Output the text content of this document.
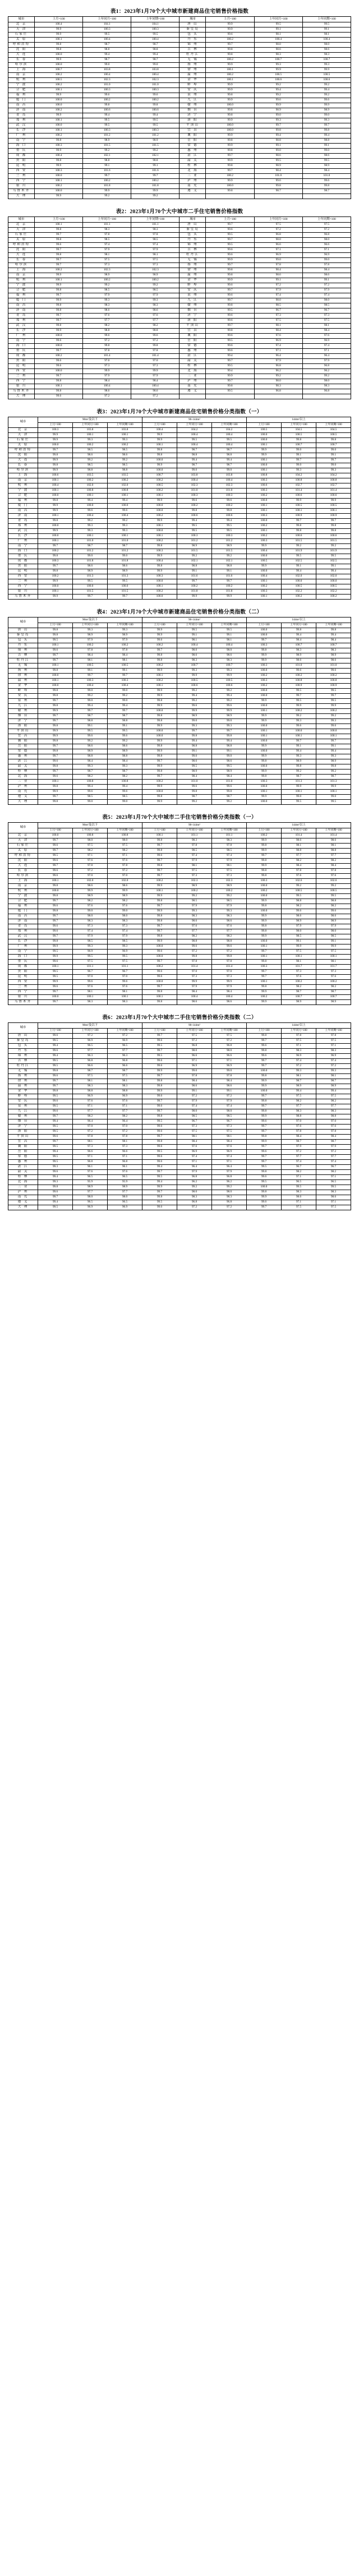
表1：2023年1月70个大中城市新建商品住宅销售价格指数
城市	上月=100	上年同月=100	上年同期=100	城市	上月=100	上年同月=100	上年同期=100

北 京	100.4	104.1	104.1	唐 山	99.9	99.5	99.5
天 津	99.9	100.3	100.3	秦皇岛	99.9	99.1	99.1
石家庄	99.9	99.5	99.5	包 头	99.6	98.1	98.1
太 原	100.1	100.4	100.4	丹 东	100.2	100.4	100.4
呼和浩特	99.8	98.7	98.7	锦 州	99.7	98.0	98.0
沈 阳	99.8	98.8	98.8	吉 林	99.8	98.6	98.6
大 连	100.0	99.4	99.4	牡丹江	99.8	98.3	98.3
长 春	99.9	98.7	98.7	无 锡	100.2	100.7	100.7
哈尔滨	100.0	99.0	99.0	扬 州	99.9	99.3	99.3
上 海	100.7	103.8	103.8	徐 州	100.1	99.9	99.9
南 京	100.2	100.4	100.4	温 州	100.2	100.5	100.5
杭 州	100.5	102.3	102.3	金 华	100.1	100.6	100.6
宁 波	100.2	101.0	101.0	蚌 埠	99.9	99.2	99.2
合 肥	100.1	100.3	100.3	安 庆	99.9	99.4	99.4
福 州	99.9	99.6	99.6	泉 州	99.8	99.2	99.2
厦 门	100.0	100.2	100.2	九 江	99.9	99.6	99.6
南 昌	100.0	99.8	99.8	赣 州	100.0	99.9	99.9
济 南	100.2	100.6	100.6	烟 台	99.8	98.9	98.9
青 岛	99.9	99.4	99.4	济 宁	99.8	99.0	99.0
郑 州	100.1	99.5	99.5	洛 阳	99.9	99.3	99.3
武 汉	100.0	99.5	99.5	平顶山	100.0	99.7	99.7
长 沙	100.1	100.3	100.3	宜 昌	100.0	99.8	99.8
广 州	100.2	101.2	101.2	襄 阳	99.9	99.4	99.4
南 宁	99.8	98.9	98.9	岳 阳	99.8	98.8	98.8
海 口	100.3	101.5	101.5	常 德	99.9	99.1	99.1
重 庆	99.9	99.2	99.2	惠 州	99.8	99.0	99.0
成 都	100.4	102.1	102.1	湛 江	99.7	98.6	98.6
贵 阳	99.8	98.8	98.8	韶 关	99.9	99.5	99.5
昆 明	99.9	99.1	99.1	桂 林	99.8	98.9	98.9
西 安	100.3	101.6	101.6	北 海	99.7	98.4	98.4
兰 州	100.0	99.7	99.7	三 亚	100.2	101.0	101.0
西 宁	100.1	100.2	100.2	泸 州	99.9	99.6	99.6
银 川	100.2	101.8	101.8	南 充	100.0	99.8	99.8
乌鲁木齐	100.0	99.9	99.9	遵 义	99.8	98.7	98.7
大 理	99.9	99.2	99.2				
表2：2023年1月70个大中城市二手住宅销售价格指数
城市	上月=100	上年同月=100	上年同期=100	城市	上月=100	上年同月=100	上年同期=100

北 京	100.1	101.1	101.1	唐 山	99.7	97.5	97.5
天 津	99.8	98.3	98.3	秦皇岛	99.6	97.2	97.2
石家庄	99.7	97.8	97.8	包 头	99.5	96.8	96.8
太 原	99.8	98.5	98.5	丹 东	99.7	98.0	98.0
呼和浩特	99.6	97.4	97.4	锦 州	99.5	96.6	96.6
沈 阳	99.7	97.9	97.9	吉 林	99.6	97.1	97.1
大 连	99.8	98.1	98.1	牡丹江	99.6	96.9	96.9
长 春	99.7	97.5	97.5	无 锡	99.9	99.0	99.0
哈尔滨	99.7	97.3	97.3	扬 州	99.7	97.8	97.8
上 海	100.2	102.3	102.3	徐 州	99.8	98.4	98.4
南 京	99.9	98.9	98.9	温 州	99.8	98.6	98.6
杭 州	100.1	100.2	100.2	金 华	99.9	99.1	99.1
宁 波	99.9	99.2	99.2	蚌 埠	99.6	97.2	97.2
合 肥	99.8	98.5	98.5	安 庆	99.7	97.9	97.9
福 州	99.7	97.9	97.9	泉 州	99.6	97.4	97.4
厦 门	99.9	99.3	99.3	九 江	99.7	98.0	98.0
南 昌	99.8	98.3	98.3	赣 州	99.8	98.5	98.5
济 南	99.8	98.6	98.6	烟 台	99.5	96.7	96.7
青 岛	99.7	97.6	97.6	济 宁	99.6	97.3	97.3
郑 州	99.7	97.7	97.7	洛 阳	99.6	97.5	97.5
武 汉	99.8	98.2	98.2	平顶山	99.7	98.1	98.1
长 沙	99.9	98.8	98.8	宜 昌	99.8	98.4	98.4
广 州	100.0	99.6	99.6	襄 阳	99.6	97.6	97.6
南 宁	99.6	97.2	97.2	岳 阳	99.5	96.9	96.9
海 口	100.0	99.8	99.8	常 德	99.6	97.4	97.4
重 庆	99.7	97.8	97.8	惠 州	99.6	97.1	97.1
成 都	100.2	101.4	101.4	湛 江	99.4	96.4	96.4
贵 阳	99.6	97.0	97.0	韶 关	99.7	97.9	97.9
昆 明	99.6	97.3	97.3	桂 林	99.5	96.8	96.8
西 安	100.0	99.9	99.9	北 海	99.4	96.2	96.2
兰 州	99.7	97.9	97.9	三 亚	99.9	99.2	99.2
西 宁	99.8	98.4	98.4	泸 州	99.7	98.0	98.0
银 川	100.1	100.4	100.4	南 充	99.8	98.3	98.3
乌鲁木齐	99.8	98.6	98.6	遵 义	99.5	96.8	96.8
大 理	99.6	97.2	97.2				
表3：2023年1月70个大中城市新建商品住宅销售价格分类指数（一）
城市	90m²及以下			90-144m²			144m²以上		
	上月=100	上年同月=100	上年同期=100	上月=100	上年同月=100	上年同期=100	上月=100	上年同月=100	上年同期=100
北 京	100.3	103.8	103.8	100.4	104.2	104.2	100.5	104.5	104.5
天 津	99.9	100.1	100.1	99.9	100.4	100.4	100.0	100.5	100.5
石家庄	99.9	99.3	99.3	99.9	99.5	99.5	100.0	99.8	99.8
太 原	100.0	100.2	100.2	100.1	100.4	100.4	100.1	100.7	100.7
呼和浩特	99.7	98.5	98.5	99.8	98.7	98.7	99.9	99.0	99.0
沈 阳	99.8	98.6	98.6	99.8	98.8	98.8	99.9	99.1	99.1
大 连	99.9	99.2	99.2	100.0	99.4	99.4	100.1	99.7	99.7
长 春	99.8	98.5	98.5	99.9	98.7	98.7	100.0	99.0	99.0
哈尔滨	99.9	98.8	98.8	100.0	99.0	99.0	100.1	99.3	99.3
上 海	100.6	103.5	103.5	100.7	103.8	103.8	100.8	104.2	104.2
南 京	100.1	100.2	100.2	100.2	100.4	100.4	100.3	100.8	100.8
杭 州	100.4	102.0	102.0	100.5	102.3	102.3	100.6	102.7	102.7
宁 波	100.1	100.8	100.8	100.2	101.0	101.0	100.3	101.4	101.4
合 肥	100.0	100.1	100.1	100.1	100.3	100.3	100.2	100.6	100.6
福 州	99.8	99.4	99.4	99.9	99.6	99.6	100.0	99.9	99.9
厦 门	99.9	100.0	100.0	100.0	100.2	100.2	100.1	100.5	100.5
南 昌	99.9	99.6	99.6	100.0	99.8	99.8	100.1	100.1	100.1
济 南	100.1	100.4	100.4	100.2	100.6	100.6	100.3	100.9	100.9
青 岛	99.8	99.2	99.2	99.9	99.4	99.4	100.0	99.7	99.7
郑 州	100.0	99.3	99.3	100.1	99.5	99.5	100.2	99.8	99.8
武 汉	99.9	99.3	99.3	100.0	99.5	99.5	100.1	99.8	99.8
长 沙	100.0	100.1	100.1	100.1	100.3	100.3	100.2	100.6	100.6
广 州	100.1	101.0	101.0	100.2	101.2	101.2	100.3	101.5	101.5
南 宁	99.7	98.7	98.7	99.8	98.9	98.9	99.9	99.2	99.2
海 口	100.2	101.2	101.2	100.3	101.5	101.5	100.4	101.9	101.9
重 庆	99.8	99.0	99.0	99.9	99.2	99.2	100.0	99.5	99.5
成 都	100.3	101.8	101.8	100.4	102.1	102.1	100.5	102.5	102.5
贵 阳	99.7	98.6	98.6	99.8	98.8	98.8	99.9	99.1	99.1
昆 明	99.8	98.9	98.9	99.9	99.1	99.1	100.0	99.4	99.4
西 安	100.2	101.3	101.3	100.3	101.6	101.6	100.4	102.0	102.0
兰 州	99.9	99.5	99.5	100.0	99.7	99.7	100.1	100.0	100.0
西 宁	100.0	100.0	100.0	100.1	100.2	100.2	100.2	100.5	100.5
银 川	100.1	101.5	101.5	100.2	101.8	101.8	100.3	102.2	102.2
乌鲁木齐	99.9	99.7	99.7	100.0	99.9	99.9	100.1	100.2	100.2
表4：2023年1月70个大中城市新建商品住宅销售价格分类指数（二）
城市	90m²及以下			90-144m²			144m²以上		
	上月=100	上年同月=100	上年同期=100	上月=100	上年同月=100	上年同期=100	上月=100	上年同月=100	上年同期=100
唐 山	99.8	99.3	99.3	99.9	99.5	99.5	100.0	99.8	99.8
秦皇岛	99.8	98.9	98.9	99.9	99.1	99.1	100.0	99.4	99.4
包 头	99.5	97.9	97.9	99.6	98.1	98.1	99.7	98.4	98.4
丹 东	100.1	100.2	100.2	100.2	100.4	100.4	100.3	100.7	100.7
锦 州	99.6	97.8	97.8	99.7	98.0	98.0	99.8	98.3	98.3
吉 林	99.7	98.4	98.4	99.8	98.6	98.6	99.9	98.9	98.9
牡丹江	99.7	98.1	98.1	99.8	98.3	98.3	99.9	98.6	98.6
无 锡	100.1	100.5	100.5	100.2	100.7	100.7	100.3	101.0	101.0
扬 州	99.8	99.1	99.1	99.9	99.3	99.3	100.0	99.6	99.6
徐 州	100.0	99.7	99.7	100.1	99.9	99.9	100.2	100.2	100.2
温 州	100.1	100.3	100.3	100.2	100.5	100.5	100.3	100.8	100.8
金 华	100.0	100.4	100.4	100.1	100.6	100.6	100.2	100.9	100.9
蚌 埠	99.8	99.0	99.0	99.9	99.2	99.2	100.0	99.5	99.5
安 庆	99.8	99.2	99.2	99.9	99.4	99.4	100.0	99.7	99.7
泉 州	99.7	99.0	99.0	99.8	99.2	99.2	99.9	99.5	99.5
九 江	99.8	99.4	99.4	99.9	99.6	99.6	100.0	99.9	99.9
赣 州	99.9	99.7	99.7	100.0	99.9	99.9	100.1	100.2	100.2
烟 台	99.7	98.7	98.7	99.8	98.9	98.9	99.9	99.2	99.2
济 宁	99.7	98.8	98.8	99.8	99.0	99.0	99.9	99.3	99.3
洛 阳	99.8	99.1	99.1	99.9	99.3	99.3	100.0	99.6	99.6
平顶山	99.9	99.5	99.5	100.0	99.7	99.7	100.1	100.0	100.0
宜 昌	99.9	99.6	99.6	100.0	99.8	99.8	100.1	100.1	100.1
襄 阳	99.8	99.2	99.2	99.9	99.4	99.4	100.0	99.7	99.7
岳 阳	99.7	98.6	98.6	99.8	98.8	98.8	99.9	99.1	99.1
常 德	99.8	98.9	98.9	99.9	99.1	99.1	100.0	99.4	99.4
惠 州	99.7	98.8	98.8	99.8	99.0	99.0	99.9	99.3	99.3
湛 江	99.6	98.4	98.4	99.7	98.6	98.6	99.8	98.9	98.9
韶 关	99.8	99.3	99.3	99.9	99.5	99.5	100.0	99.8	99.8
桂 林	99.7	98.7	98.7	99.8	98.9	98.9	99.9	99.2	99.2
北 海	99.6	98.2	98.2	99.7	98.4	98.4	99.8	98.7	98.7
三 亚	100.1	100.8	100.8	100.2	101.0	101.0	100.3	101.3	101.3
泸 州	99.8	99.4	99.4	99.9	99.6	99.6	100.0	99.9	99.9
南 充	99.9	99.6	99.6	100.0	99.8	99.8	100.1	100.1	100.1
遵 义	99.7	98.5	98.5	99.8	98.7	98.7	99.9	99.0	99.0
大 理	99.8	99.0	99.0	99.9	99.2	99.2	100.0	99.5	99.5
表5：2023年1月70个大中城市二手住宅销售价格分类指数（一）
城市	90m²及以下			90-144m²			144m²以上		
	上月=100	上年同月=100	上年同期=100	上月=100	上年同月=100	上年同期=100	上月=100	上年同月=100	上年同期=100
北 京	100.0	100.8	100.8	100.1	101.1	101.1	100.2	101.4	101.4
天 津	99.7	98.0	98.0	99.8	98.3	98.3	99.9	98.6	98.6
石家庄	99.6	97.5	97.5	99.7	97.8	97.8	99.8	98.1	98.1
太 原	99.7	98.2	98.2	99.8	98.5	98.5	99.9	98.8	98.8
呼和浩特	99.5	97.1	97.1	99.6	97.4	97.4	99.7	97.7	97.7
沈 阳	99.6	97.6	97.6	99.7	97.9	97.9	99.8	98.2	98.2
大 连	99.7	97.8	97.8	99.8	98.1	98.1	99.9	98.4	98.4
长 春	99.6	97.2	97.2	99.7	97.5	97.5	99.8	97.8	97.8
哈尔滨	99.6	97.0	97.0	99.7	97.3	97.3	99.8	97.6	97.6
上 海	100.1	102.0	102.0	100.2	102.3	102.3	100.3	102.6	102.6
南 京	99.8	98.6	98.6	99.9	98.9	98.9	100.0	99.2	99.2
杭 州	100.0	99.9	99.9	100.1	100.2	100.2	100.2	100.5	100.5
宁 波	99.8	98.9	98.9	99.9	99.2	99.2	100.0	99.5	99.5
合 肥	99.7	98.2	98.2	99.8	98.5	98.5	99.9	98.8	98.8
福 州	99.6	97.6	97.6	99.7	97.9	97.9	99.8	98.2	98.2
厦 门	99.8	99.0	99.0	99.9	99.3	99.3	100.0	99.6	99.6
南 昌	99.7	98.0	98.0	99.8	98.3	98.3	99.9	98.6	98.6
济 南	99.7	98.3	98.3	99.8	98.6	98.6	99.9	98.9	98.9
青 岛	99.6	97.3	97.3	99.7	97.6	97.6	99.8	97.9	97.9
郑 州	99.6	97.4	97.4	99.7	97.7	97.7	99.8	98.0	98.0
武 汉	99.7	97.9	97.9	99.8	98.2	98.2	99.9	98.5	98.5
长 沙	99.8	98.5	98.5	99.9	98.8	98.8	100.0	99.1	99.1
广 州	99.9	99.3	99.3	100.0	99.6	99.6	100.1	99.9	99.9
南 宁	99.5	96.9	96.9	99.6	97.2	97.2	99.7	97.5	97.5
海 口	99.9	99.5	99.5	100.0	99.8	99.8	100.1	100.1	100.1
重 庆	99.6	97.5	97.5	99.7	97.8	97.8	99.8	98.1	98.1
成 都	100.1	101.1	101.1	100.2	101.4	101.4	100.3	101.7	101.7
贵 阳	99.5	96.7	96.7	99.6	97.0	97.0	99.7	97.3	97.3
昆 明	99.5	97.0	97.0	99.6	97.3	97.3	99.7	97.6	97.6
西 安	99.9	99.6	99.6	100.0	99.9	99.9	100.1	100.2	100.2
兰 州	99.6	97.6	97.6	99.7	97.9	97.9	99.8	98.2	98.2
西 宁	99.7	98.1	98.1	99.8	98.4	98.4	99.9	98.7	98.7
银 川	100.0	100.1	100.1	100.1	100.4	100.4	100.2	100.7	100.7
乌鲁木齐	99.7	98.3	98.3	99.8	98.6	98.6	99.9	98.9	98.9
表6：2023年1月70个大中城市二手住宅销售价格分类指数（二）
城市	90m²及以下			90-144m²			144m²以上		
	上月=100	上年同月=100	上年同期=100	上月=100	上年同月=100	上年同期=100	上月=100	上年同月=100	上年同期=100
唐 山	99.6	97.2	97.2	99.7	97.5	97.5	99.8	97.8	97.8
秦皇岛	99.5	96.9	96.9	99.6	97.2	97.2	99.7	97.5	97.5
包 头	99.4	96.5	96.5	99.5	96.8	96.8	99.6	97.1	97.1
丹 东	99.6	97.7	97.7	99.7	98.0	98.0	99.8	98.3	98.3
锦 州	99.4	96.3	96.3	99.5	96.6	96.6	99.6	96.9	96.9
吉 林	99.5	96.8	96.8	99.6	97.1	97.1	99.7	97.4	97.4
牡丹江	99.5	96.6	96.6	99.6	96.9	96.9	99.7	97.2	97.2
无 锡	99.8	98.7	98.7	99.9	99.0	99.0	100.0	99.3	99.3
扬 州	99.6	97.5	97.5	99.7	97.8	97.8	99.8	98.1	98.1
徐 州	99.7	98.1	98.1	99.8	98.4	98.4	99.9	98.7	98.7
温 州	99.7	98.3	98.3	99.8	98.6	98.6	99.9	98.9	98.9
金 华	99.8	98.8	98.8	99.9	99.1	99.1	100.0	99.4	99.4
蚌 埠	99.5	96.9	96.9	99.6	97.2	97.2	99.7	97.5	97.5
安 庆	99.6	97.6	97.6	99.7	97.9	97.9	99.8	98.2	98.2
泉 州	99.5	97.1	97.1	99.6	97.4	97.4	99.7	97.7	97.7
九 江	99.6	97.7	97.7	99.7	98.0	98.0	99.8	98.3	98.3
赣 州	99.7	98.2	98.2	99.8	98.5	98.5	99.9	98.8	98.8
烟 台	99.4	96.4	96.4	99.5	96.7	96.7	99.6	97.0	97.0
济 宁	99.5	97.0	97.0	99.6	97.3	97.3	99.7	97.6	97.6
洛 阳	99.5	97.2	97.2	99.6	97.5	97.5	99.7	97.8	97.8
平顶山	99.6	97.8	97.8	99.7	98.1	98.1	99.8	98.4	98.4
宜 昌	99.7	98.1	98.1	99.8	98.4	98.4	99.9	98.7	98.7
襄 阳	99.5	97.3	97.3	99.6	97.6	97.6	99.7	97.9	97.9
岳 阳	99.4	96.6	96.6	99.5	96.9	96.9	99.6	97.2	97.2
常 德	99.5	97.1	97.1	99.6	97.4	97.4	99.7	97.7	97.7
惠 州	99.5	96.8	96.8	99.6	97.1	97.1	99.7	97.4	97.4
湛 江	99.3	96.1	96.1	99.4	96.4	96.4	99.5	96.7	96.7
韶 关	99.6	97.6	97.6	99.7	97.9	97.9	99.8	98.2	98.2
桂 林	99.4	96.5	96.5	99.5	96.8	96.8	99.6	97.1	97.1
北 海	99.3	95.9	95.9	99.4	96.2	96.2	99.5	96.5	96.5
三 亚	99.8	98.9	98.9	99.9	99.2	99.2	100.0	99.5	99.5
泸 州	99.6	97.7	97.7	99.7	98.0	98.0	99.8	98.3	98.3
南 充	99.7	98.0	98.0	99.8	98.3	98.3	99.9	98.6	98.6
遵 义	99.4	96.5	96.5	99.5	96.8	96.8	99.6	97.1	97.1
大 理	99.5	96.9	96.9	99.6	97.2	97.2	99.7	97.5	97.5
